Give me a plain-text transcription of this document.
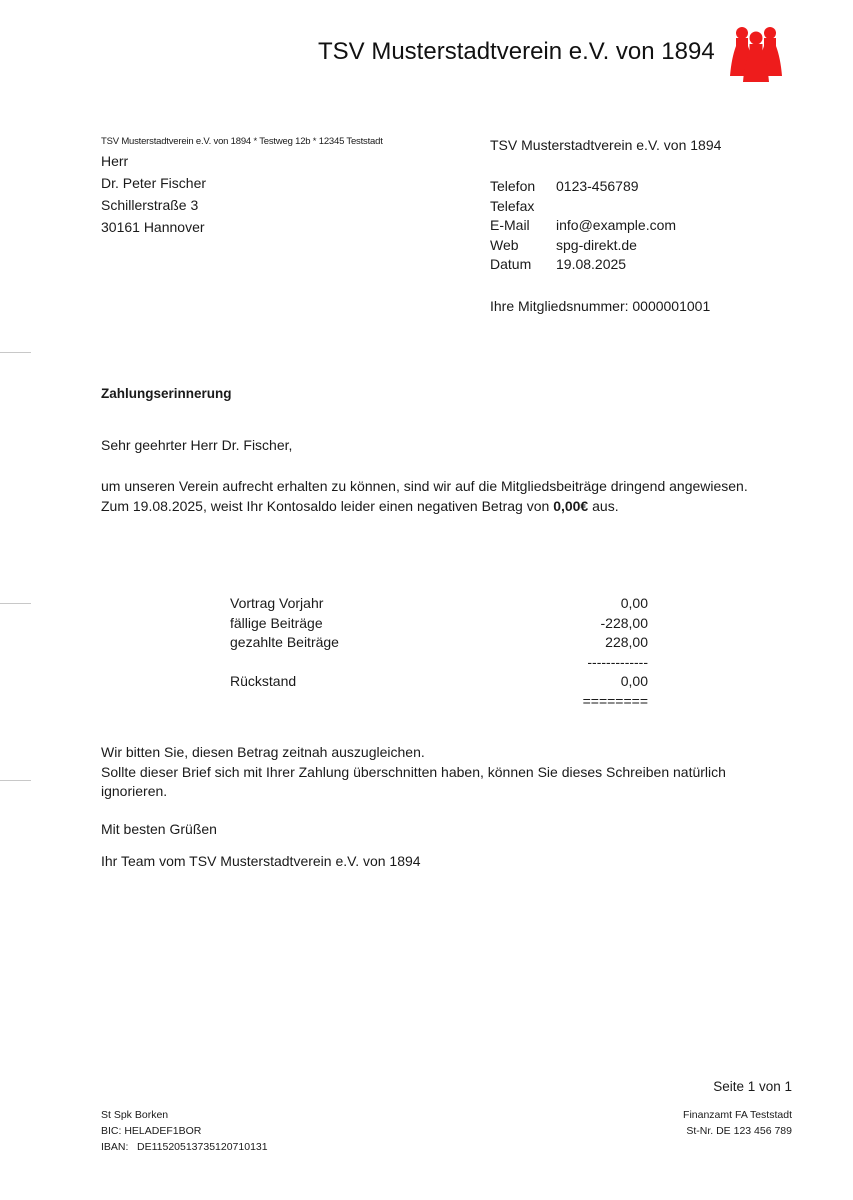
TSV Musterstadtverein e.V. von 1894
TSV Musterstadtverein e.V. von 1894 * Testweg 12b * 12345 Teststadt
Herr
Dr. Peter Fischer
Schillerstraße 3
30161 Hannover
TSV Musterstadtverein e.V. von 1894
Telefon	0123-456789
Telefax
E-Mail	info@example.com
Web	spg-direkt.de
Datum	19.08.2025
Ihre Mitgliedsnummer: 0000001001
Zahlungserinnerung
Sehr geehrter Herr Dr. Fischer,
um unseren Verein aufrecht erhalten zu können, sind wir auf die Mitgliedsbeiträge dringend angewiesen.
Zum 19.08.2025, weist Ihr Kontosaldo leider einen negativen Betrag von 0,00€ aus.
Vortrag Vorjahr	0,00
fällige Beiträge	-228,00
gezahlte Beiträge	228,00
-------------
Rückstand	0,00
========
Wir bitten Sie, diesen Betrag zeitnah auszugleichen.
Sollte dieser Brief sich mit Ihrer Zahlung überschnitten haben, können Sie dieses Schreiben natürlich
ignorieren.
Mit besten Grüßen
Ihr Team vom TSV Musterstadtverein e.V. von 1894
Seite 1 von 1
St Spk Borken
BIC: HELADEF1BOR
IBAN: DE11520513735120710131
Finanzamt FA Teststadt
St-Nr. DE 123 456 789
